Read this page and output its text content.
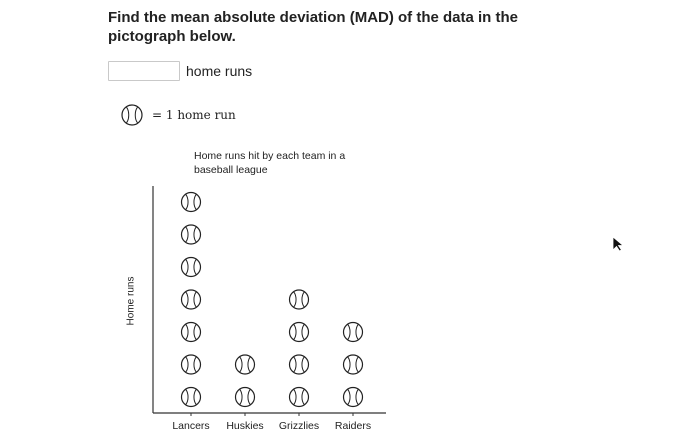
Find the mean absolute deviation (MAD) of the data in the pictograph below.
home runs
= 1 home run
Home runs hit by each team in a baseball league
Home runs
Lancers Huskies Grizzlies Raiders
